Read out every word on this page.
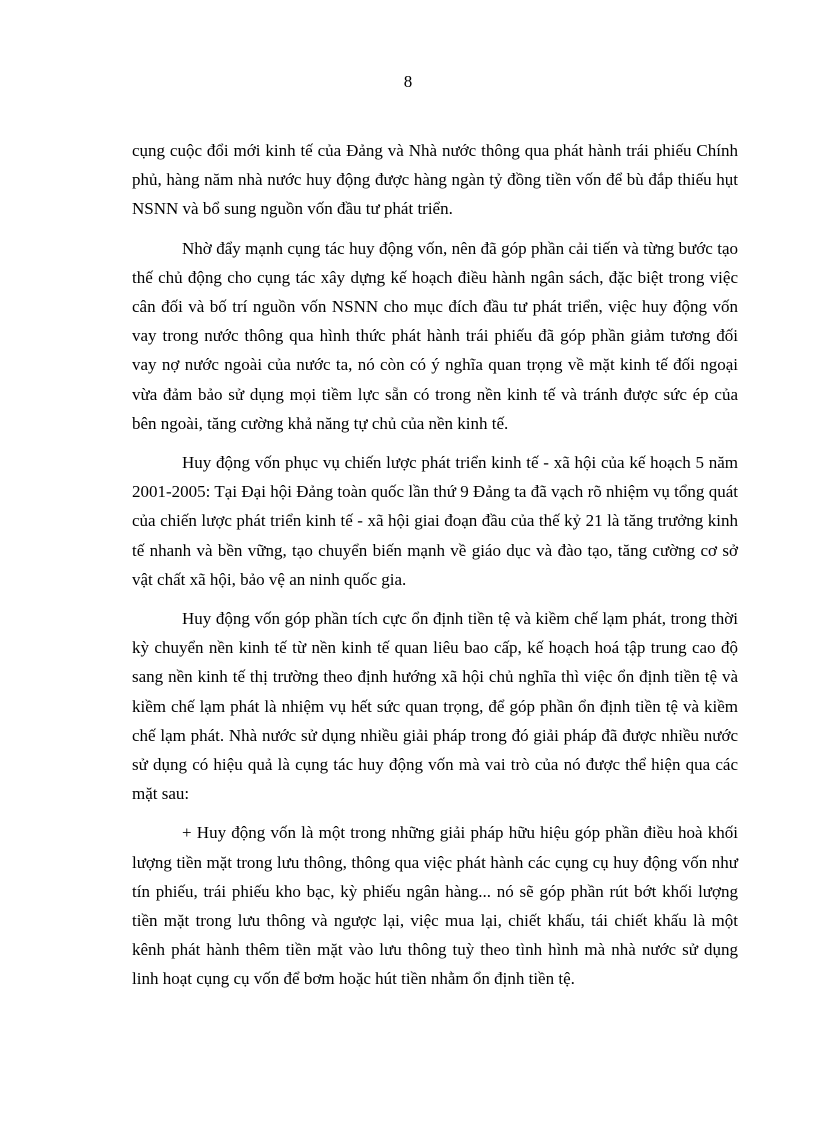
8

cụng cuộc đổi mới kinh tế của Đảng và Nhà nước thông qua phát hành trái phiếu Chính phủ, hàng năm nhà nước huy động được hàng ngàn tỷ đồng tiền vốn để bù đắp thiếu hụt NSNN và bổ sung nguồn vốn đầu tư phát triển.

Nhờ đẩy mạnh cụng tác huy động vốn, nên đã góp phần cải tiến và từng bước tạo thế chủ động cho cụng tác xây dựng kế hoạch điều hành ngân sách, đặc biệt trong việc cân đối và bố trí nguồn vốn NSNN cho mục đích đầu tư phát triển, việc huy động vốn vay trong nước thông qua hình thức phát hành trái phiếu đã góp phần giảm tương đối vay nợ nước ngoài của nước ta, nó còn có ý nghĩa quan trọng về mặt kinh tế đối ngoại vừa đảm bảo sử dụng mọi tiềm lực sẵn có trong nền kinh tế và tránh được sức ép của bên ngoài, tăng cường khả năng tự chủ của nền kinh tế.

Huy động vốn phục vụ chiến lược phát triển kinh tế - xã hội của kế hoạch 5 năm 2001-2005: Tại Đại hội Đảng toàn quốc lần thứ 9 Đảng ta đã vạch rõ nhiệm vụ tổng quát của chiến lược phát triển kinh tế - xã hội giai đoạn đầu của thế kỷ 21 là tăng trưởng kinh tế nhanh và bền vững, tạo chuyển biến mạnh về giáo dục và đào tạo, tăng cường cơ sở vật chất xã hội, bảo vệ an ninh quốc gia.

Huy động vốn góp phần tích cực ổn định tiền tệ và kiềm chế lạm phát, trong thời kỳ chuyển nền kinh tế từ nền kinh tế quan liêu bao cấp, kế hoạch hoá tập trung cao độ sang nền kinh tế thị trường theo định hướng xã hội chủ nghĩa thì việc ổn định tiền tệ và kiềm chế lạm phát là nhiệm vụ hết sức quan trọng, để góp phần ổn định tiền tệ và kiềm chế lạm phát. Nhà nước sử dụng nhiều giải pháp trong đó giải pháp đã được nhiều nước sử dụng có hiệu quả là cụng tác huy động vốn mà vai trò của nó được thể hiện qua các mặt sau:

+ Huy động vốn là một trong những giải pháp hữu hiệu góp phần điều hoà khối lượng tiền mặt trong lưu thông, thông qua việc phát hành các cụng cụ huy động vốn như tín phiếu, trái phiếu kho bạc, kỳ phiếu ngân hàng... nó sẽ góp phần rút bớt khối lượng tiền mặt trong lưu thông và ngược lại, việc mua lại, chiết khấu, tái chiết khấu là một kênh phát hành thêm tiền mặt vào lưu thông tuỳ theo tình hình mà nhà nước sử dụng linh hoạt cụng cụ vốn để bơm hoặc hút tiền nhằm ổn định tiền tệ.
